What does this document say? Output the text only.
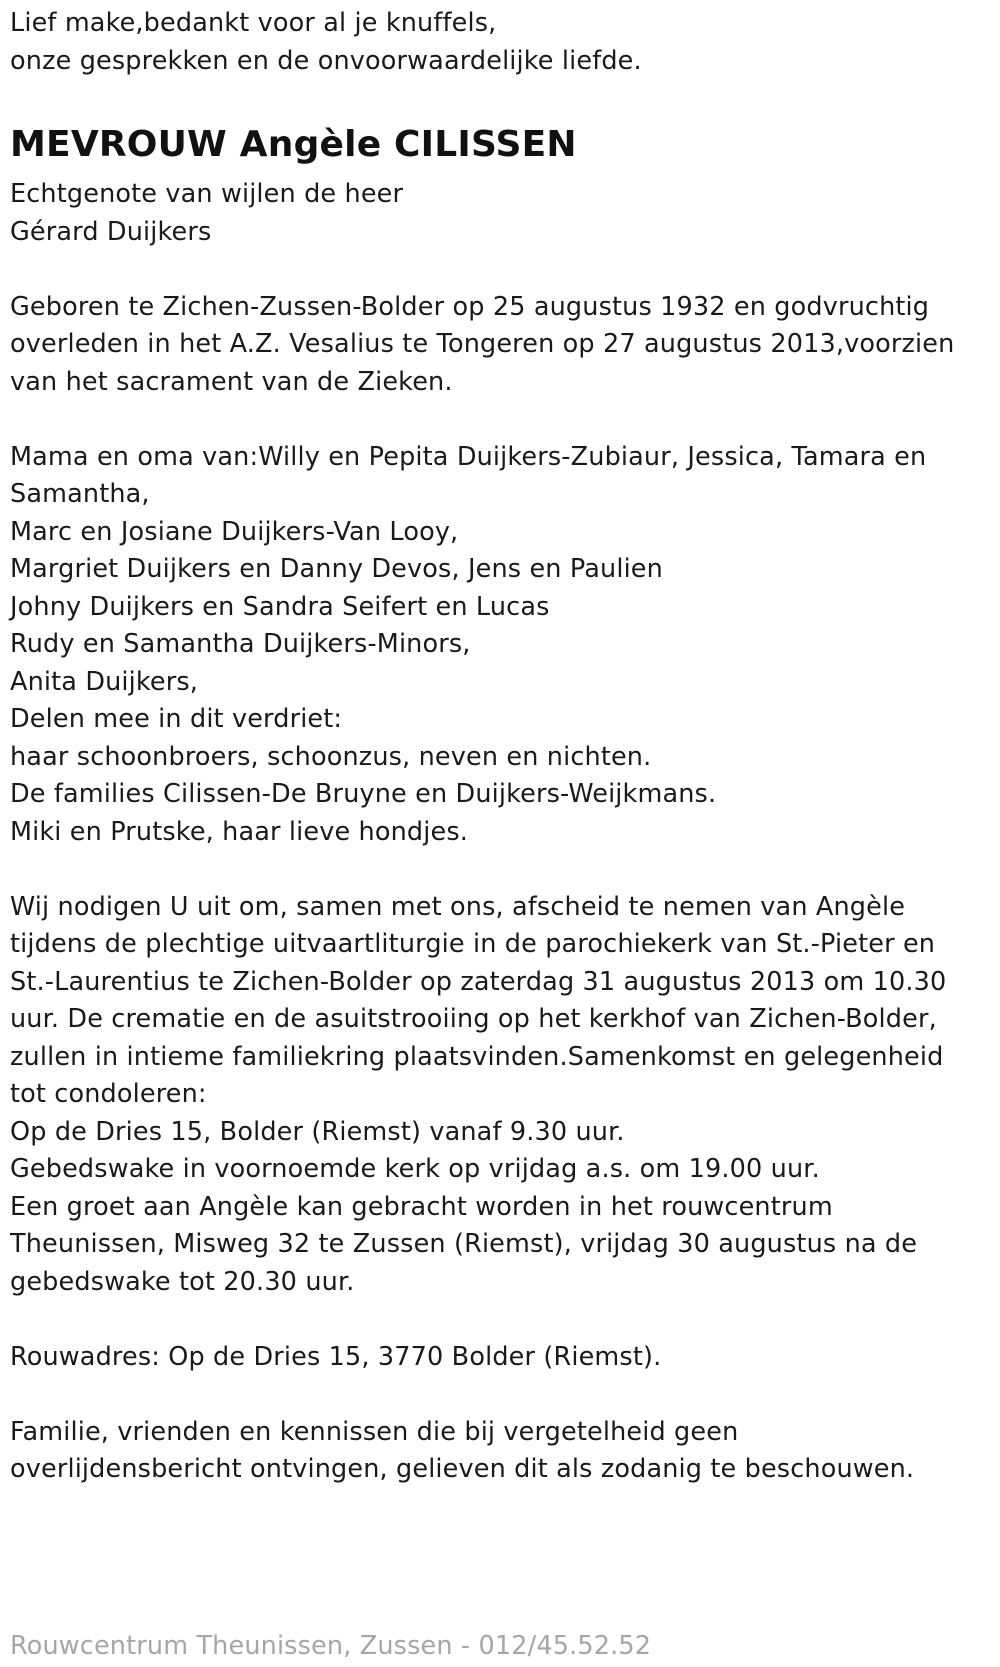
Lief make,bedankt voor al je knuffels,
onze gesprekken en de onvoorwaardelijke liefde.
MEVROUW Angèle CILISSEN
Echtgenote van wijlen de heer
Gérard Duijkers
Geboren te Zichen-Zussen-Bolder op 25 augustus 1932 en godvruchtig
overleden in het A.Z. Vesalius te Tongeren op 27 augustus 2013,voorzien
van het sacrament van de Zieken.
Mama en oma van:Willy en Pepita Duijkers-Zubiaur, Jessica, Tamara en
Samantha,
Marc en Josiane Duijkers-Van Looy,
Margriet Duijkers en Danny Devos, Jens en Paulien
Johny Duijkers en Sandra Seifert en Lucas
Rudy en Samantha Duijkers-Minors,
Anita Duijkers,
Delen mee in dit verdriet:
haar schoonbroers, schoonzus, neven en nichten.
De families Cilissen-De Bruyne en Duijkers-Weijkmans.
Miki en Prutske, haar lieve hondjes.
Wij nodigen U uit om, samen met ons, afscheid te nemen van Angèle
tijdens de plechtige uitvaartliturgie in de parochiekerk van St.-Pieter en
St.-Laurentius te Zichen-Bolder op zaterdag 31 augustus 2013 om 10.30
uur. De crematie en de asuitstrooiing op het kerkhof van Zichen-Bolder,
zullen in intieme familiekring plaatsvinden.Samenkomst en gelegenheid
tot condoleren:
Op de Dries 15, Bolder (Riemst) vanaf 9.30 uur.
Gebedswake in voornoemde kerk op vrijdag a.s. om 19.00 uur.
Een groet aan Angèle kan gebracht worden in het rouwcentrum
Theunissen, Misweg 32 te Zussen (Riemst), vrijdag 30 augustus na de
gebedswake tot 20.30 uur.
Rouwadres: Op de Dries 15, 3770 Bolder (Riemst).
Familie, vrienden en kennissen die bij vergetelheid geen
overlijdensbericht ontvingen, gelieven dit als zodanig te beschouwen.
Rouwcentrum Theunissen, Zussen - 012/45.52.52
